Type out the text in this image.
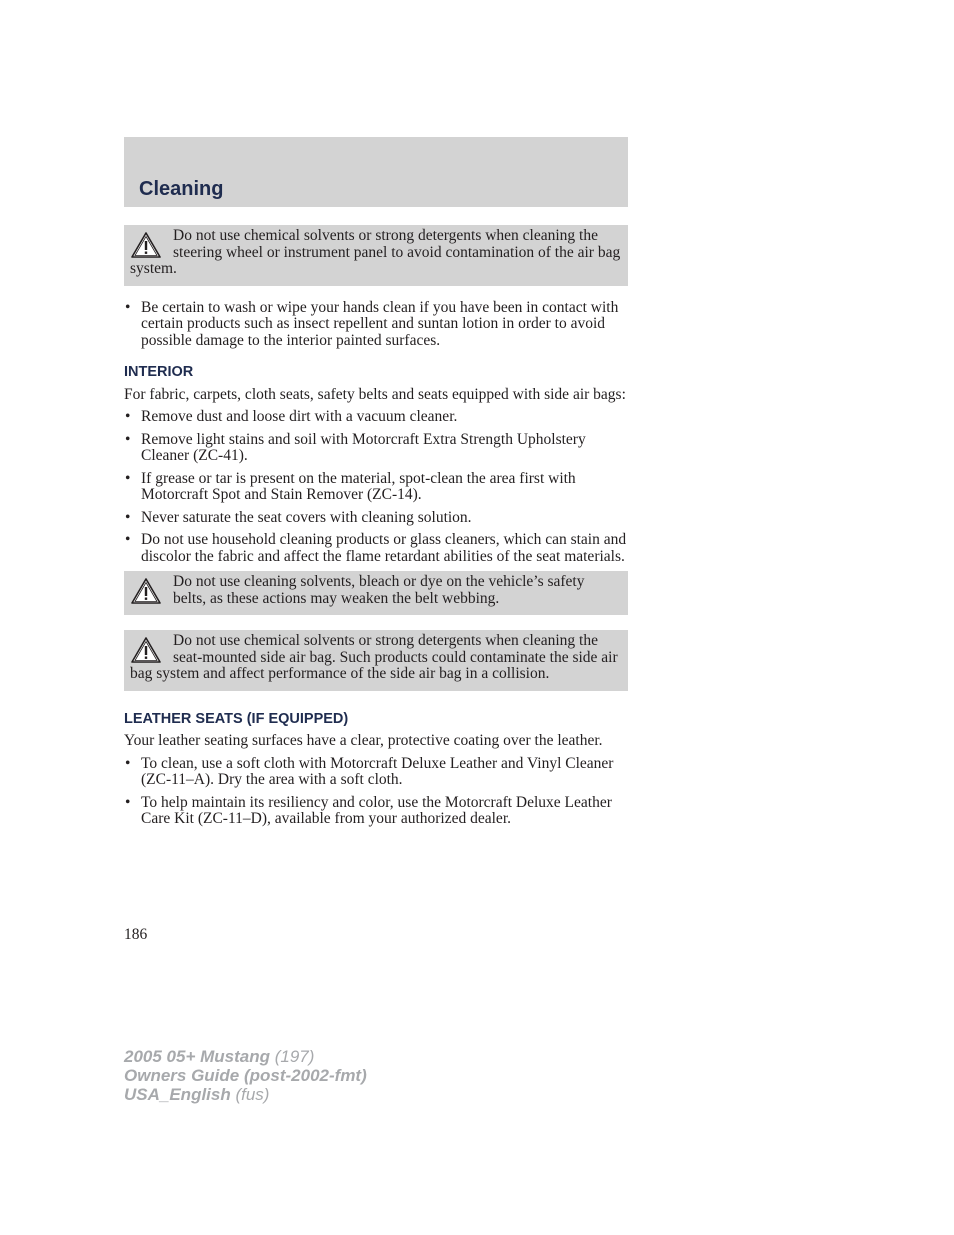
Cleaning

Do not use chemical solvents or strong detergents when cleaning the steering wheel or instrument panel to avoid contamination of the air bag system.

• Be certain to wash or wipe your hands clean if you have been in contact with certain products such as insect repellent and suntan lotion in order to avoid possible damage to the interior painted surfaces.
INTERIOR

For fabric, carpets, cloth seats, safety belts and seats equipped with side air bags:

• Remove dust and loose dirt with a vacuum cleaner.
• Remove light stains and soil with Motorcraft Extra Strength Upholstery Cleaner (ZC-41).
• If grease or tar is present on the material, spot-clean the area first with Motorcraft Spot and Stain Remover (ZC-14).
• Never saturate the seat covers with cleaning solution.
• Do not use household cleaning products or glass cleaners, which can stain and discolor the fabric and affect the flame retardant abilities of the seat materials.

Do not use cleaning solvents, bleach or dye on the vehicle’s safety belts, as these actions may weaken the belt webbing.

Do not use chemical solvents or strong detergents when cleaning the seat-mounted side air bag. Such products could contaminate the side air bag system and affect performance of the side air bag in a collision.

LEATHER SEATS (IF EQUIPPED)

Your leather seating surfaces have a clear, protective coating over the leather.

• To clean, use a soft cloth with Motorcraft Deluxe Leather and Vinyl Cleaner (ZC-11–A). Dry the area with a soft cloth.
• To help maintain its resiliency and color, use the Motorcraft Deluxe Leather Care Kit (ZC-11–D), available from your authorized dealer.
186
2005 05+ Mustang (197)
Owners Guide (post-2002-fmt)
USA_English (fus)
